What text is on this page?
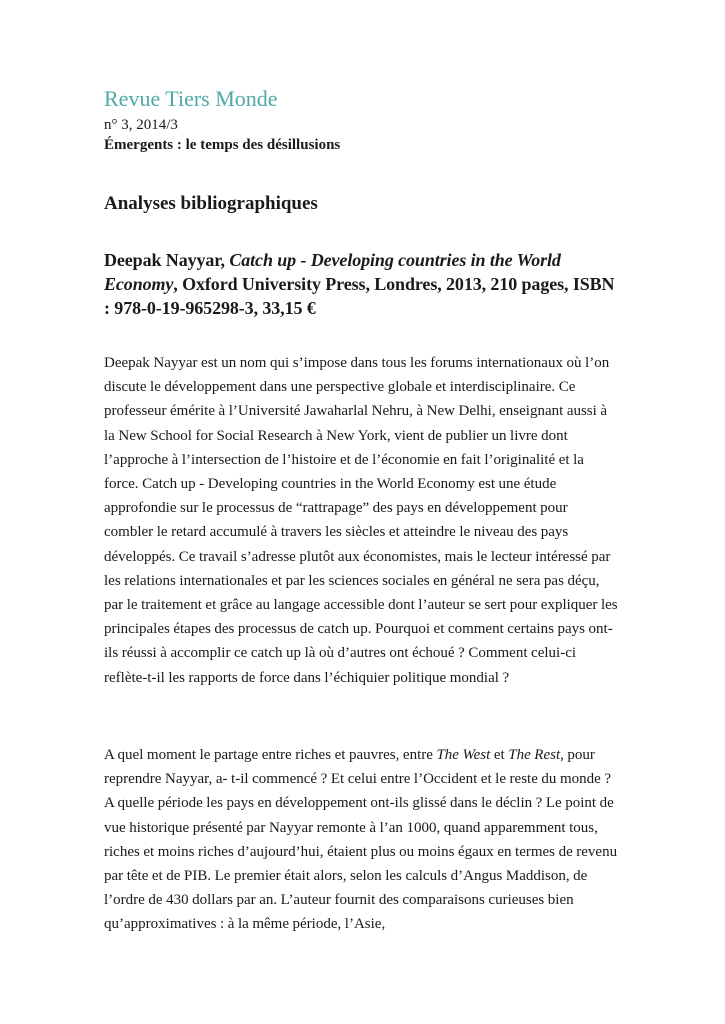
Revue Tiers Monde
n° 3, 2014/3
Émergents : le temps des désillusions
Analyses bibliographiques
Deepak Nayyar, Catch up - Developing countries in the World Economy, Oxford University Press, Londres, 2013, 210 pages, ISBN : 978-0-19-965298-3, 33,15 €

Deepak Nayyar est un nom qui s’impose dans tous les forums internationaux où l’on discute le développement dans une perspective globale et interdisciplinaire. Ce professeur émérite à l’Université Jawaharlal Nehru, à New Delhi, enseignant aussi à la New School for Social Research à New York, vient de publier un livre dont l’approche à l’intersection de l’histoire et de l’économie en fait l’originalité et la force. Catch up - Developing countries in the World Economy est une étude approfondie sur le processus de “rattrapage” des pays en développement pour combler le retard accumulé à travers les siècles et atteindre le niveau des pays développés. Ce travail s’adresse plutôt aux économistes, mais le lecteur intéressé par les relations internationales et par les sciences sociales en général ne sera pas déçu, par le traitement et grâce au langage accessible dont l’auteur se sert pour expliquer les principales étapes des processus de catch up. Pourquoi et comment certains pays ont-ils réussi à accomplir ce catch up là où d’autres ont échoué ? Comment celui-ci reflète-t-il les rapports de force dans l’échiquier politique mondial ?

A quel moment le partage entre riches et pauvres, entre The West et The Rest, pour reprendre Nayyar, a- t-il commencé ? Et celui entre l’Occident et le reste du monde ? A quelle période les pays en développement ont-ils glissé dans le déclin ? Le point de vue historique présenté par Nayyar remonte à l’an 1000, quand apparemment tous, riches et moins riches d’aujourd’hui, étaient plus ou moins égaux en termes de revenu par tête et de PIB. Le premier était alors, selon les calculs d’Angus Maddison, de l’ordre de 430 dollars par an. L’auteur fournit des comparaisons curieuses bien qu’approximatives : à la même période, l’Asie,
